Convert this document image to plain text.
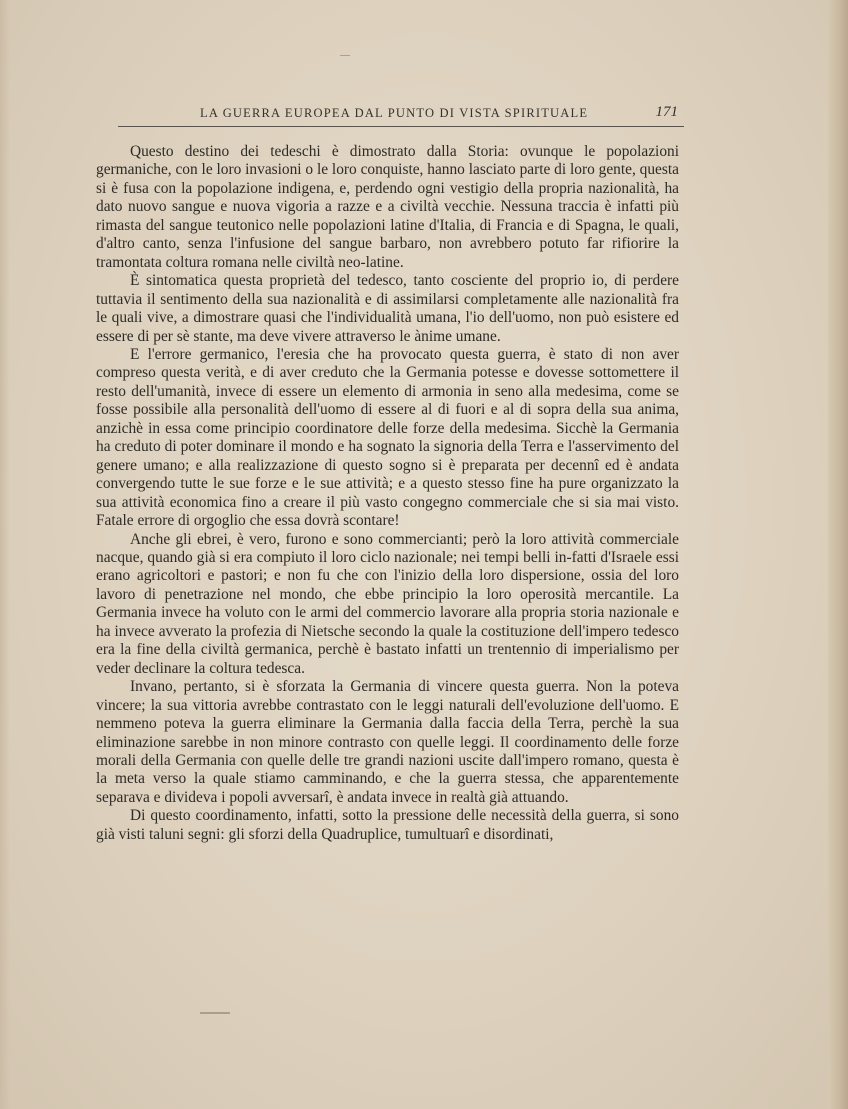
LA GUERRA EUROPEA DAL PUNTO DI VISTA SPIRITUALE	171

Questo destino dei tedeschi è dimostrato dalla Storia: ovunque le popolazioni germaniche, con le loro invasioni o le loro conquiste, hanno lasciato parte di loro gente, questa si è fusa con la popolazione indigena, e, perdendo ogni vestigio della propria nazionalità, ha dato nuovo sangue e nuova vigoria a razze e a civiltà vecchie. Nessuna traccia è infatti più rimasta del sangue teutonico nelle popolazioni latine d'Italia, di Francia e di Spagna, le quali, d'altro canto, senza l'infusione del sangue barbaro, non avrebbero potuto far rifiorire la tramontata coltura romana nelle civiltà neo-latine.

È sintomatica questa proprietà del tedesco, tanto cosciente del proprio io, di perdere tuttavia il sentimento della sua nazionalità e di assimilarsi completamente alle nazionalità fra le quali vive, a dimostrare quasi che l'individualità umana, l'io dell'uomo, non può esistere ed essere di per sè stante, ma deve vivere attraverso le ànime umane.

E l'errore germanico, l'eresia che ha provocato questa guerra, è stato di non aver compreso questa verità, e di aver creduto che la Germania potesse e dovesse sottomettere il resto dell'umanità, invece di essere un elemento di armonia in seno alla medesima, come se fosse possibile alla personalità dell'uomo di essere al di fuori e al di sopra della sua anima, anzichè in essa come principio coordinatore delle forze della medesima. Sicchè la Germania ha creduto di poter dominare il mondo e ha sognato la signoria della Terra e l'asservimento del genere umano; e alla realizzazione di questo sogno si è preparata per decennî ed è andata convergendo tutte le sue forze e le sue attività; e a questo stesso fine ha pure organizzato la sua attività economica fino a creare il più vasto congegno commerciale che si sia mai visto. Fatale errore di orgoglio che essa dovrà scontare!

Anche gli ebrei, è vero, furono e sono commercianti; però la loro attività commerciale nacque, quando già si era compiuto il loro ciclo nazionale; nei tempi belli in-fatti d'Israele essi erano agricoltori e pastori; e non fu che con l'inizio della loro dispersione, ossia del loro lavoro di penetrazione nel mondo, che ebbe principio la loro operosità mercantile. La Germania invece ha voluto con le armi del commercio lavorare alla propria storia nazionale e ha invece avverato la profezia di Nietsche secondo la quale la costituzione dell'impero tedesco era la fine della civiltà germanica, perchè è bastato infatti un trentennio di imperialismo per veder declinare la coltura tedesca.

Invano, pertanto, si è sforzata la Germania di vincere questa guerra. Non la poteva vincere; la sua vittoria avrebbe contrastato con le leggi naturali dell'evoluzione dell'uomo. E nemmeno poteva la guerra eliminare la Germania dalla faccia della Terra, perchè la sua eliminazione sarebbe in non minore contrasto con quelle leggi. Il coordinamento delle forze morali della Germania con quelle delle tre grandi nazioni uscite dall'impero romano, questa è la meta verso la quale stiamo camminando, e che la guerra stessa, che apparentemente separava e divideva i popoli avversarî, è andata invece in realtà già attuando.

Di questo coordinamento, infatti, sotto la pressione delle necessità della guerra, si sono già visti taluni segni: gli sforzi della Quadruplice, tumultuarî e disordinati,
